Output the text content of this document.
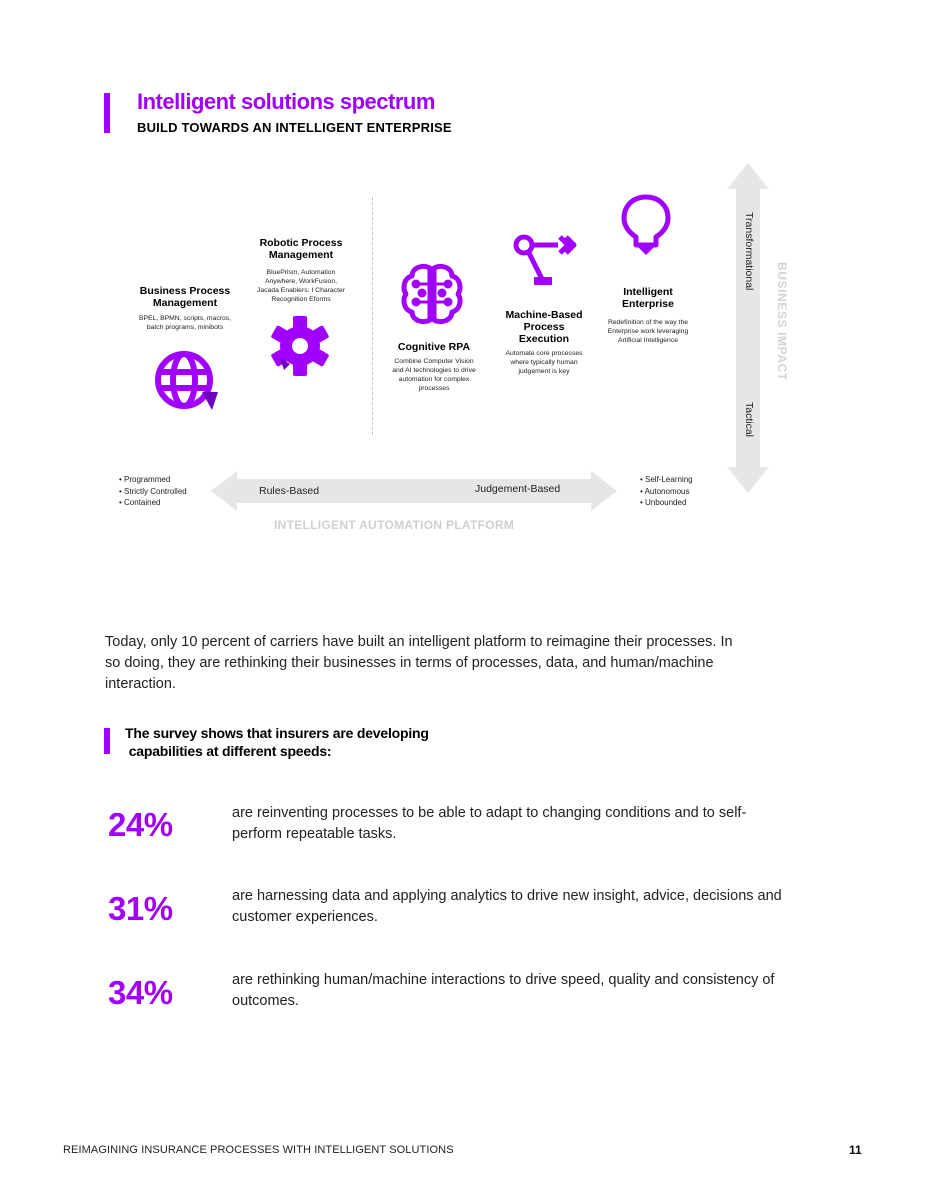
Intelligent solutions spectrum
BUILD TOWARDS AN INTELLIGENT ENTERPRISE
Business Process
Management
BPEL, BPMN, scripts, macros,
batch programs, minibots
Robotic Process
Management
BluePrism, Automation
Anywhere, WorkFusion,
Jacada Enablers: I Character
Recognition Eforms
Cognitive RPA
Combine Computer Vision
and AI technologies to drive
automation for complex
processes
Machine-Based
Process
Execution
Automate core processes
where typically human
judgement is key
Intelligent
Enterprise
Redefinition of the way the
Enterprise work leveraging
Artificial Intelligence
Rules-Based	Judgement-Based
• Programmed
• Strictly Controlled
• Contained
• Self-Learning
• Autonomous
• Unbounded
INTELLIGENT AUTOMATION PLATFORM
Transformational
Tactical
BUSINESS IMPACT
Today, only 10 percent of carriers have built an intelligent platform to reimagine their processes. In so doing, they are rethinking their businesses in terms of processes, data, and human/machine interaction.
The survey shows that insurers are developing
capabilities at different speeds:
24%	are reinventing processes to be able to adapt to changing conditions and to self-perform repeatable tasks.
31%	are harnessing data and applying analytics to drive new insight, advice, decisions and customer experiences.
34%	are rethinking human/machine interactions to drive speed, quality and consistency of outcomes.
REIMAGINING INSURANCE PROCESSES WITH INTELLIGENT SOLUTIONS	11
